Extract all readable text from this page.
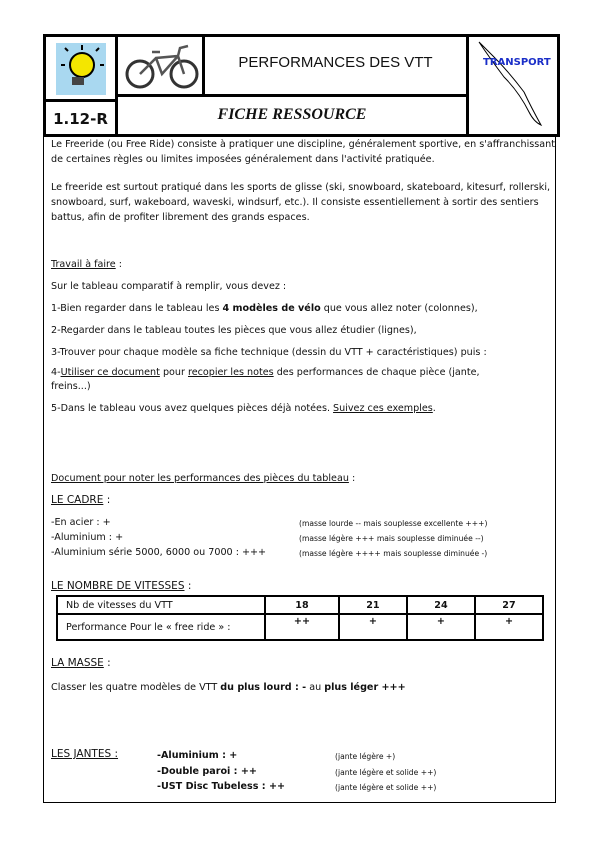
1.12-R
PERFORMANCES DES VTT
FICHE RESSOURCE
TRANSPORT
Le Freeride (ou Free Ride) consiste à pratiquer une discipline, généralement sportive, en s'affranchissant
de certaines règles ou limites imposées généralement dans l'activité pratiquée.
Le freeride est surtout pratiqué dans les sports de glisse (ski, snowboard, skateboard, kitesurf, rollerski,
snowboard, surf, wakeboard, waveski, windsurf, etc.). Il consiste essentiellement à sortir des sentiers
battus, afin de profiter librement des grands espaces.
Travail à faire :
Sur le tableau comparatif à remplir, vous devez :
1-Bien regarder dans le tableau les 4 modèles de vélo que vous allez noter (colonnes),
2-Regarder dans le tableau toutes les pièces que vous allez étudier (lignes),
3-Trouver pour chaque modèle sa fiche technique (dessin du VTT + caractéristiques) puis :
4-Utiliser ce document pour recopier les notes des performances de chaque pièce (jante,
freins...)
5-Dans le tableau vous avez quelques pièces déjà notées. Suivez ces exemples.
Document pour noter les performances des pièces du tableau :
LE CADRE :
-En acier : +	(masse lourde -- mais souplesse excellente +++)
-Aluminium : +	(masse légère +++ mais souplesse diminuée --)
-Aluminium série 5000, 6000 ou 7000 : +++	(masse légère ++++ mais souplesse diminuée -)
LE NOMBRE DE VITESSES :
Nb de vitesses du VTT	18	21	24	27
Performance Pour le « free ride » :	++	+	+	+
LA MASSE :
Classer les quatre modèles de VTT du plus lourd : - au plus léger +++
LES JANTES :	-Aluminium : +	(jante légère +)
-Double paroi : ++	(jante légère et solide ++)
-UST Disc Tubeless : ++	(jante légère et solide ++)
